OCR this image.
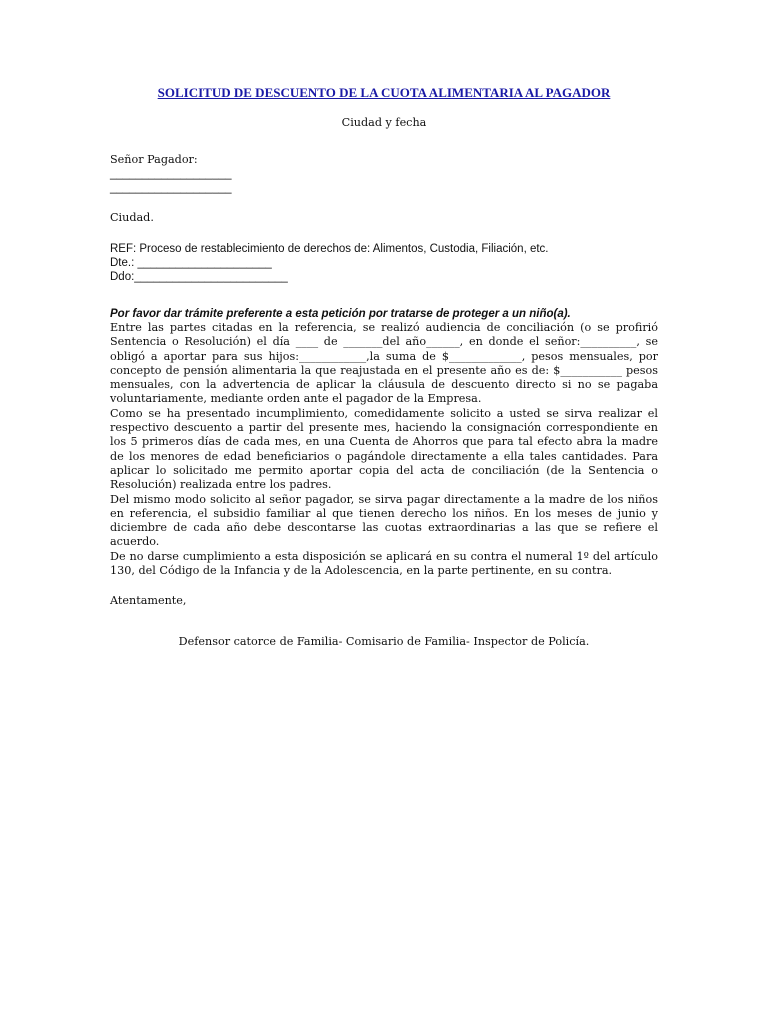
SOLICITUD DE DESCUENTO DE LA CUOTA ALIMENTARIA AL PAGADOR

Ciudad y fecha
Señor Pagador:
___________________
___________________
Ciudad.
REF: Proceso de restablecimiento de derechos de: Alimentos, Custodia, Filiación, etc.
Dte.: _____________________
Ddo:________________________
Por favor dar trámite preferente a esta petición por tratarse de proteger a un niño(a).

Entre las partes citadas en la referencia, se realizó audiencia de conciliación (o se profirió Sentencia o Resolución) el día ____ de _______del año______, en donde el señor:__________, se obligó a aportar para sus hijos:____________,la suma de $_____________, pesos mensuales, por concepto de pensión alimentaria la que reajustada en el presente año es de: $___________ pesos mensuales, con la advertencia de aplicar la cláusula de descuento directo si no se pagaba voluntariamente, mediante orden ante el pagador de la Empresa.

Como se ha presentado incumplimiento, comedidamente solicito a usted se sirva realizar el respectivo descuento a partir del presente mes, haciendo la consignación correspondiente en los 5 primeros días de cada mes, en una Cuenta de Ahorros que para tal efecto abra la madre de los menores de edad beneficiarios o pagándole directamente a ella tales cantidades. Para aplicar lo solicitado me permito aportar copia del acta de conciliación (de la Sentencia o Resolución) realizada entre los padres.

Del mismo modo solicito al señor pagador, se sirva pagar directamente a la madre de los niños en referencia, el subsidio familiar al que tienen derecho los niños. En los meses de junio y diciembre de cada año debe descontarse las cuotas extraordinarias a las que se refiere el acuerdo.

De no darse cumplimiento a esta disposición se aplicará en su contra el numeral 1º del artículo 130, del Código de la Infancia y de la Adolescencia, en la parte pertinente, en su contra.

Atentamente,
Defensor catorce de Familia- Comisario de Familia- Inspector de Policía.
